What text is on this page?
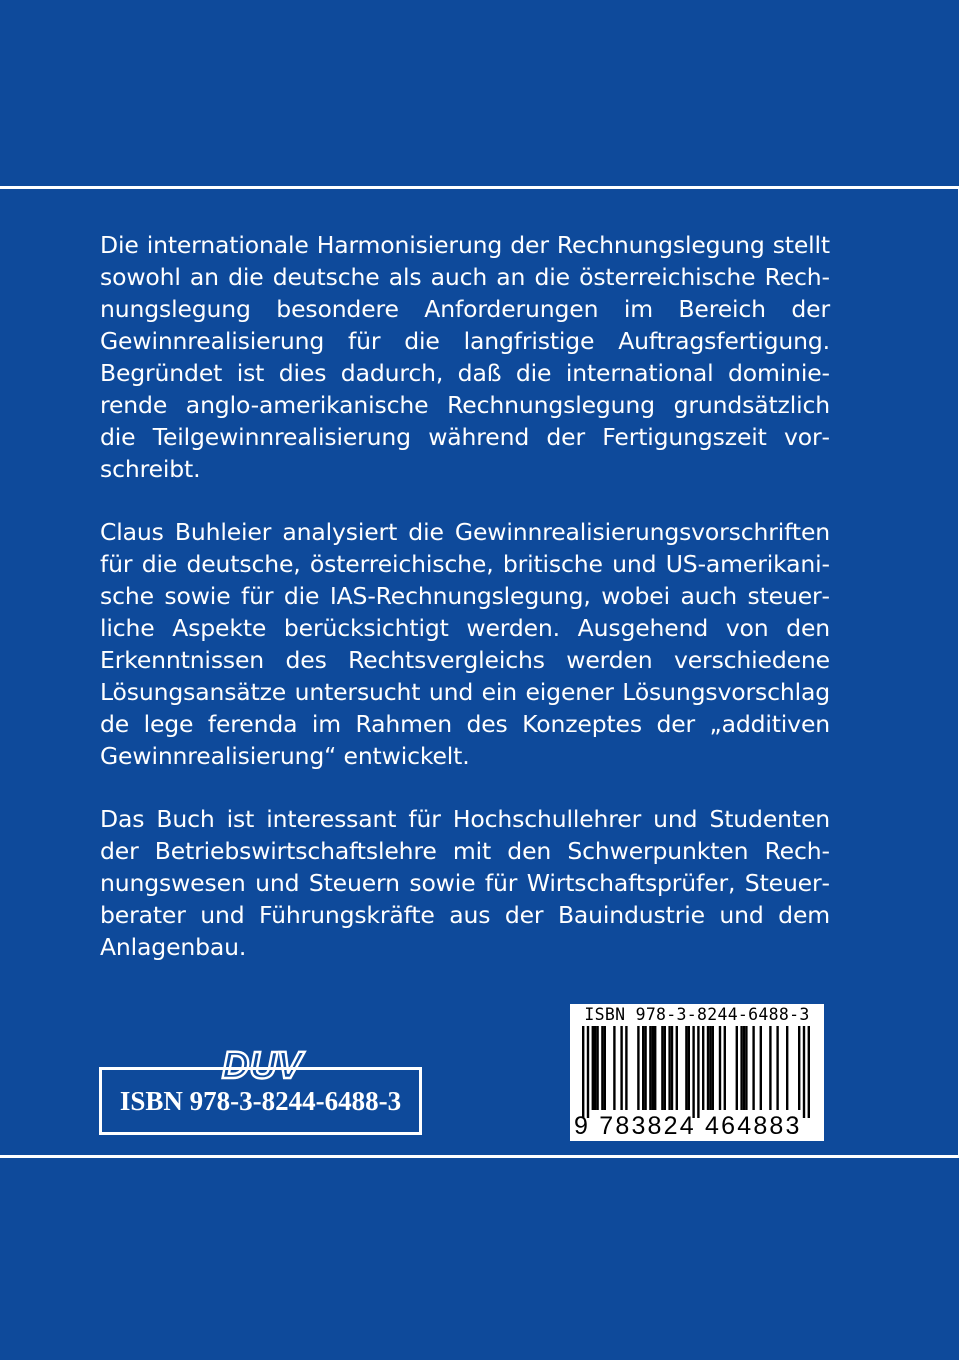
Die internationale Harmonisierung der Rechnungslegung stellt sowohl an die deutsche als auch an die österreichische Rechnungslegung besondere Anforderungen im Bereich der Gewinnrealisierung für die langfristige Auftragsfertigung. Begründet ist dies dadurch, daß die international dominierende anglo-amerikanische Rechnungslegung grundsätzlich die Teilgewinnrealisierung während der Fertigungszeit vorschreibt.

Claus Buhleier analysiert die Gewinnrealisierungsvorschriften für die deutsche, österreichische, britische und US-amerikanische sowie für die IAS-Rechnungslegung, wobei auch steuerliche Aspekte berücksichtigt werden. Ausgehend von den Erkenntnissen des Rechtsvergleichs werden verschiedene Lösungsansätze untersucht und ein eigener Lösungsvorschlag de lege ferenda im Rahmen des Konzeptes der „additiven Gewinnrealisierung“ entwickelt.

Das Buch ist interessant für Hochschullehrer und Studenten der Betriebswirtschaftslehre mit den Schwerpunkten Rechnungswesen und Steuern sowie für Wirtschaftsprüfer, Steuerberater und Führungskräfte aus der Bauindustrie und dem Anlagenbau.

DUV
ISBN 978-3-8244-6488-3
ISBN 978-3-8244-6488-3
9 783824 464883
